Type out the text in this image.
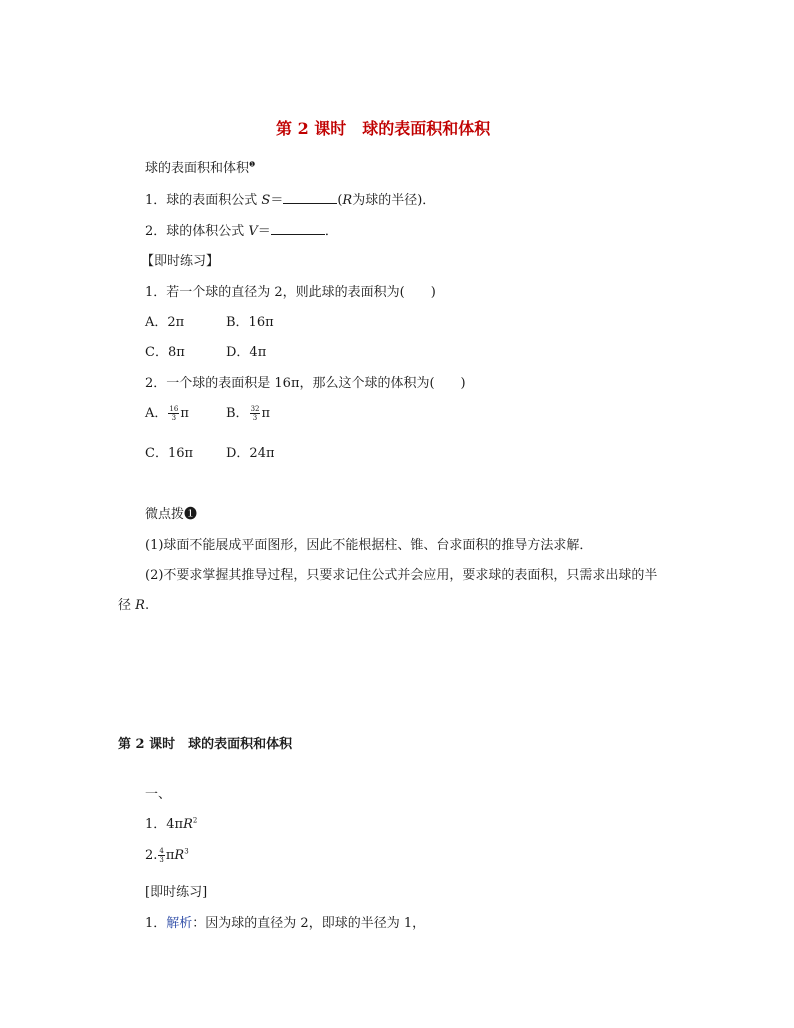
第 2 课时　球的表面积和体积
球的表面积和体积$^❶$
1．球的表面积公式 S＝	(R为球的半径)．
2．球的体积公式 V＝	．
【即时练习】
1．若一个球的直径为 2，则此球的表面积为(　　)
A．2π	B．16π
C．8π	D．4π
2．一个球的表面积是 16π，那么这个球的体积为(　　)
A． $\frac{16}{3}$ π	B． $\frac{32}{3}$ π
C．16π	D．24π
微点拨❶
(1)球面不能展成平面图形，因此不能根据柱、锥、台求面积的推导方法求解．
(2)不要求掌握其推导过程，只要求记住公式并会应用，要求球的表面积，只需求出球的半
径 R.
第 2 课时　球的表面积和体积
一、
1．$4\pi R^2$
2. $\frac{4}{3} \pi R^3$
[即时练习]
1．解析：因为球的直径为 2，即球的半径为 1，
